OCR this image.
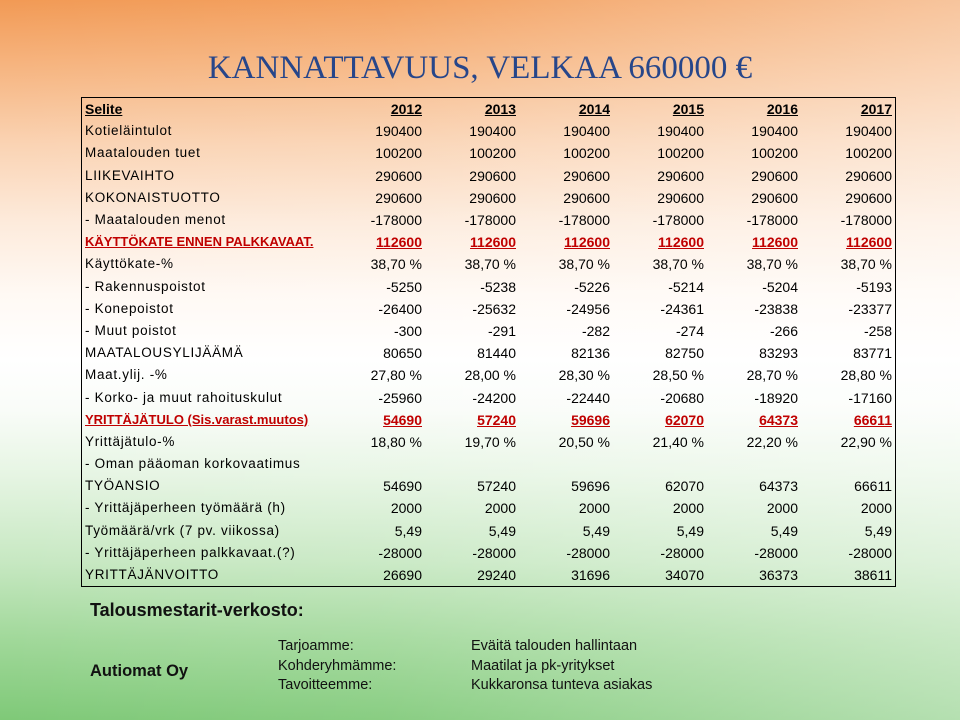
KANNATTAVUUS, VELKAA 660000 €
Selite	2012	2013	2014	2015	2016	2017
Kotieläintulot	190400	190400	190400	190400	190400	190400
Maatalouden tuet	100200	100200	100200	100200	100200	100200
LIIKEVAIHTO	290600	290600	290600	290600	290600	290600
KOKONAISTUOTTO	290600	290600	290600	290600	290600	290600
- Maatalouden menot	-178000	-178000	-178000	-178000	-178000	-178000
KÄYTTÖKATE ENNEN PALKKAVAAT.	112600	112600	112600	112600	112600	112600
Käyttökate-%	38,70 %	38,70 %	38,70 %	38,70 %	38,70 %	38,70 %
- Rakennuspoistot	-5250	-5238	-5226	-5214	-5204	-5193
- Konepoistot	-26400	-25632	-24956	-24361	-23838	-23377
- Muut poistot	-300	-291	-282	-274	-266	-258
MAATALOUSYLIJÄÄMÄ	80650	81440	82136	82750	83293	83771
Maat.ylij. -%	27,80 %	28,00 %	28,30 %	28,50 %	28,70 %	28,80 %
- Korko- ja muut rahoituskulut	-25960	-24200	-22440	-20680	-18920	-17160
YRITTÄJÄTULO (Sis.varast.muutos)	54690	57240	59696	62070	64373	66611
Yrittäjätulo-%	18,80 %	19,70 %	20,50 %	21,40 %	22,20 %	22,90 %
- Oman pääoman korkovaatimus
TYÖANSIO	54690	57240	59696	62070	64373	66611
- Yrittäjäperheen työmäärä (h)	2000	2000	2000	2000	2000	2000
Työmäärä/vrk (7 pv. viikossa)	5,49	5,49	5,49	5,49	5,49	5,49
- Yrittäjäperheen palkkavaat.(?)	-28000	-28000	-28000	-28000	-28000	-28000
YRITTÄJÄNVOITTO	26690	29240	31696	34070	36373	38611
Talousmestarit-verkosto:
Autiomat Oy
Tarjoamme:	Eväitä talouden hallintaan
Kohderyhmämme:	Maatilat ja pk-yritykset
Tavoitteemme:	Kukkaronsa tunteva asiakas
